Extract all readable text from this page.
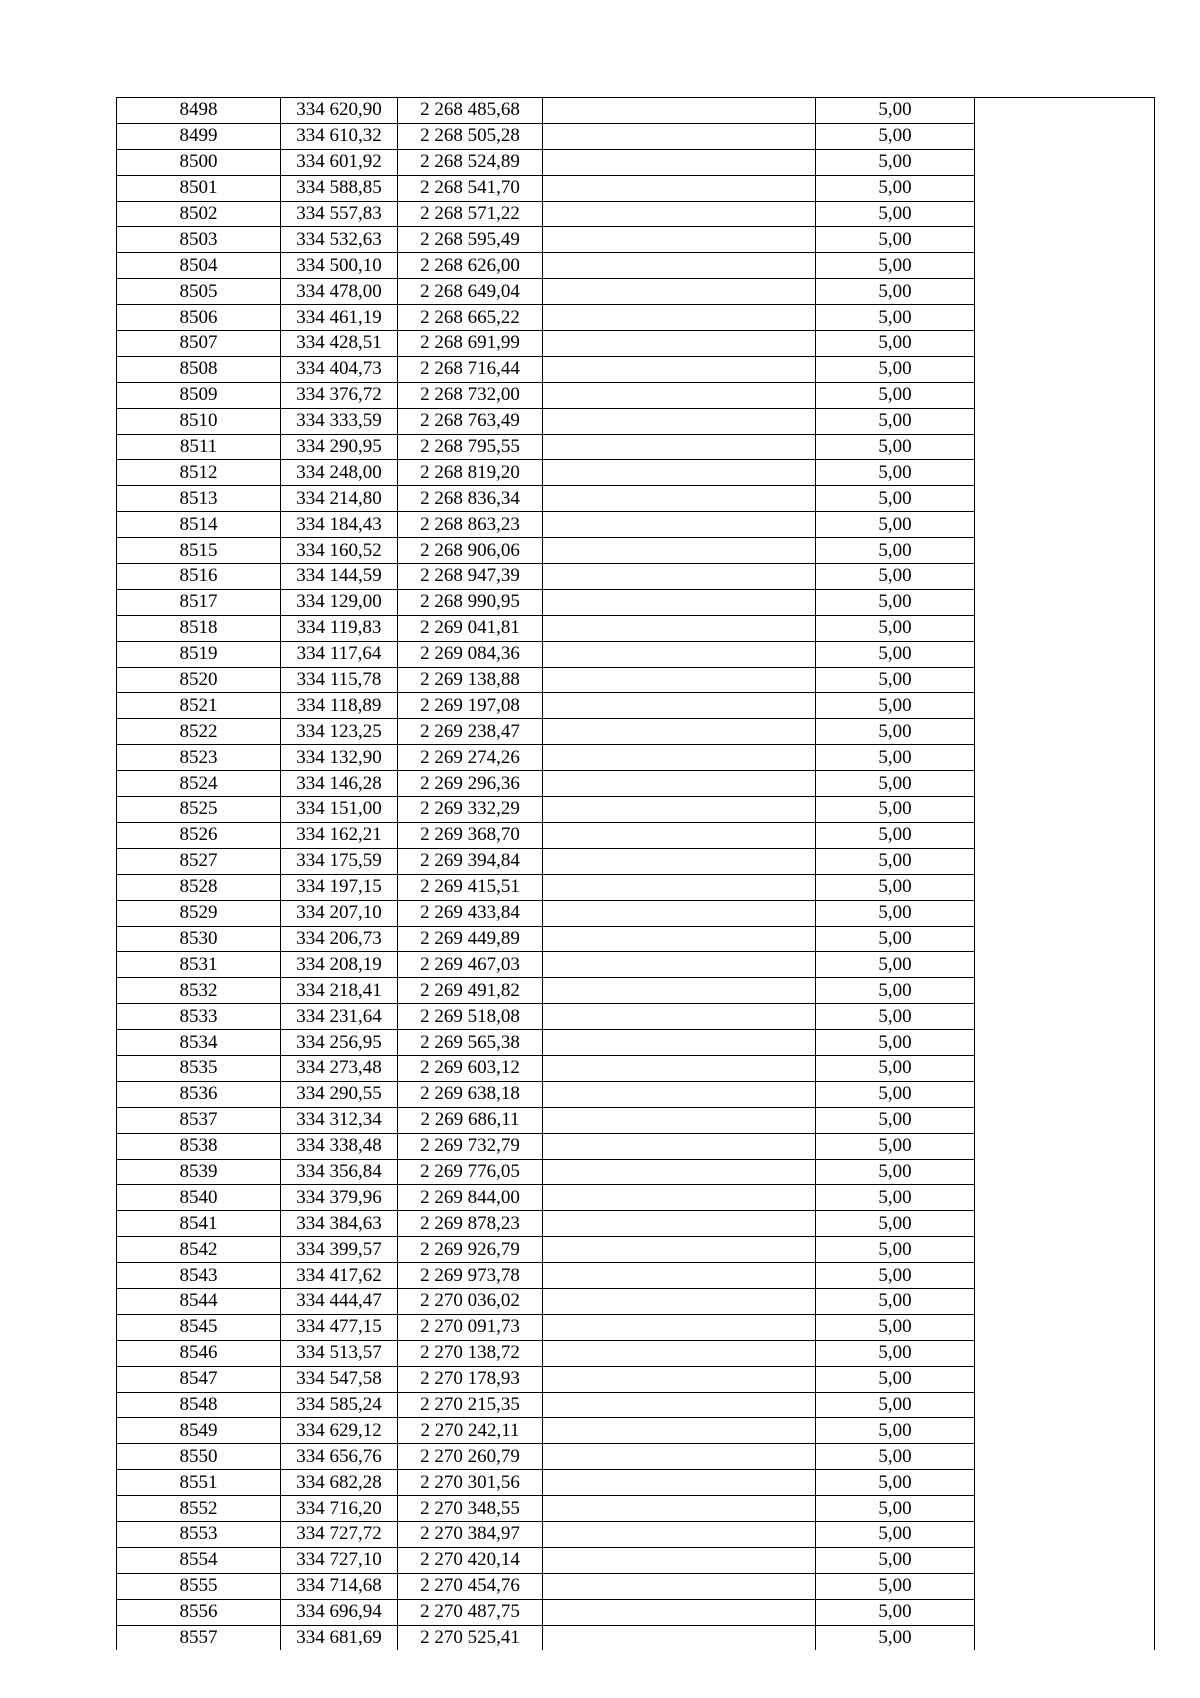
8498	334 620,90	2 268 485,68		5,00	
8499	334 610,32	2 268 505,28		5,00	
8500	334 601,92	2 268 524,89		5,00	
8501	334 588,85	2 268 541,70		5,00	
8502	334 557,83	2 268 571,22		5,00	
8503	334 532,63	2 268 595,49		5,00	
8504	334 500,10	2 268 626,00		5,00	
8505	334 478,00	2 268 649,04		5,00	
8506	334 461,19	2 268 665,22		5,00	
8507	334 428,51	2 268 691,99		5,00	
8508	334 404,73	2 268 716,44		5,00	
8509	334 376,72	2 268 732,00		5,00	
8510	334 333,59	2 268 763,49		5,00	
8511	334 290,95	2 268 795,55		5,00	
8512	334 248,00	2 268 819,20		5,00	
8513	334 214,80	2 268 836,34		5,00	
8514	334 184,43	2 268 863,23		5,00	
8515	334 160,52	2 268 906,06		5,00	
8516	334 144,59	2 268 947,39		5,00	
8517	334 129,00	2 268 990,95		5,00	
8518	334 119,83	2 269 041,81		5,00	
8519	334 117,64	2 269 084,36		5,00	
8520	334 115,78	2 269 138,88		5,00	
8521	334 118,89	2 269 197,08		5,00	
8522	334 123,25	2 269 238,47		5,00	
8523	334 132,90	2 269 274,26		5,00	
8524	334 146,28	2 269 296,36		5,00	
8525	334 151,00	2 269 332,29		5,00	
8526	334 162,21	2 269 368,70		5,00	
8527	334 175,59	2 269 394,84		5,00	
8528	334 197,15	2 269 415,51		5,00	
8529	334 207,10	2 269 433,84		5,00	
8530	334 206,73	2 269 449,89		5,00	
8531	334 208,19	2 269 467,03		5,00	
8532	334 218,41	2 269 491,82		5,00	
8533	334 231,64	2 269 518,08		5,00	
8534	334 256,95	2 269 565,38		5,00	
8535	334 273,48	2 269 603,12		5,00	
8536	334 290,55	2 269 638,18		5,00	
8537	334 312,34	2 269 686,11		5,00	
8538	334 338,48	2 269 732,79		5,00	
8539	334 356,84	2 269 776,05		5,00	
8540	334 379,96	2 269 844,00		5,00	
8541	334 384,63	2 269 878,23		5,00	
8542	334 399,57	2 269 926,79		5,00	
8543	334 417,62	2 269 973,78		5,00	
8544	334 444,47	2 270 036,02		5,00	
8545	334 477,15	2 270 091,73		5,00	
8546	334 513,57	2 270 138,72		5,00	
8547	334 547,58	2 270 178,93		5,00	
8548	334 585,24	2 270 215,35		5,00	
8549	334 629,12	2 270 242,11		5,00	
8550	334 656,76	2 270 260,79		5,00	
8551	334 682,28	2 270 301,56		5,00	
8552	334 716,20	2 270 348,55		5,00	
8553	334 727,72	2 270 384,97		5,00	
8554	334 727,10	2 270 420,14		5,00	
8555	334 714,68	2 270 454,76		5,00	
8556	334 696,94	2 270 487,75		5,00	
8557	334 681,69	2 270 525,41		5,00	
